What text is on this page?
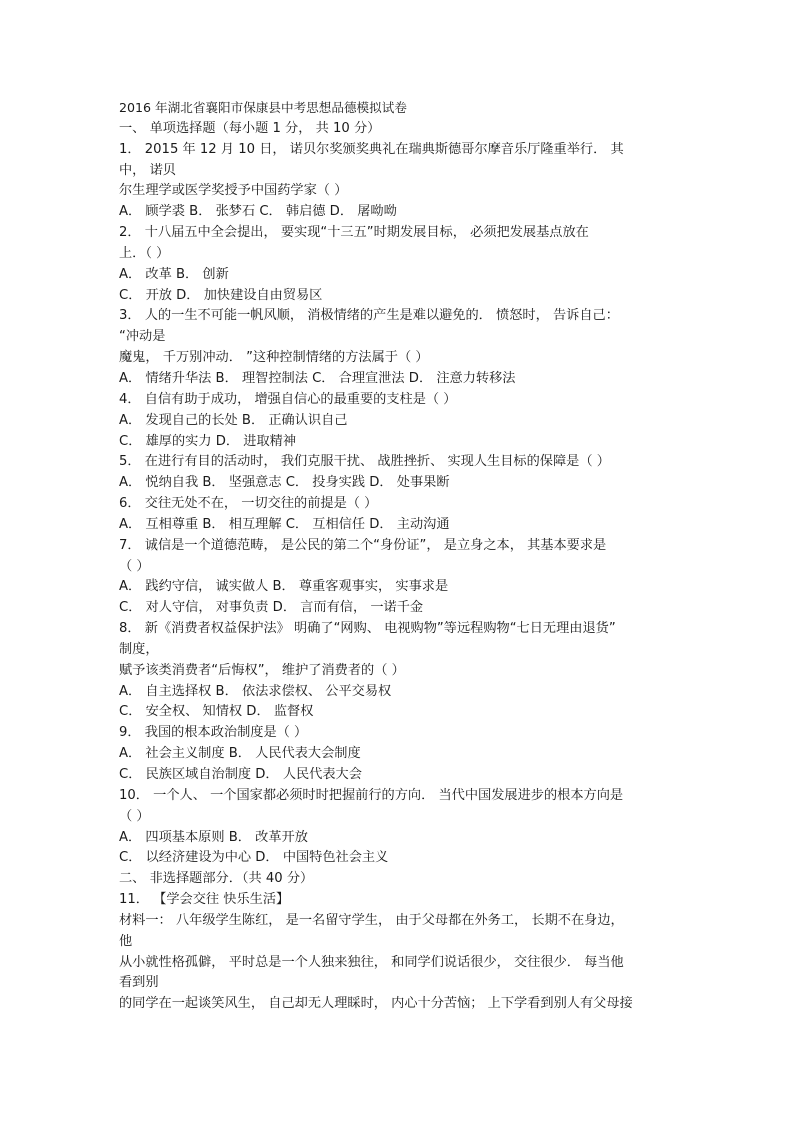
2016 年湖北省襄阳市保康县中考思想品德模拟试卷
一、 单项选择题（每小题 1 分， 共 10 分）
1． 2015 年 12 月 10 日， 诺贝尔奖颁奖典礼在瑞典斯德哥尔摩音乐厅隆重举行． 其
中， 诺贝
尔生理学或医学奖授予中国药学家（ ）
A． 顾学裘 B． 张梦石 C． 韩启德 D． 屠呦呦
2． 十八届五中全会提出， 要实现“十三五”时期发展目标， 必须把发展基点放在
上．（ ）
A． 改革 B． 创新
C． 开放 D． 加快建设自由贸易区
3． 人的一生不可能一帆风顺， 消极情绪的产生是难以避免的． 愤怒时， 告诉自己：
“冲动是
魔鬼， 千万别冲动． ”这种控制情绪的方法属于（ ）
A． 情绪升华法 B． 理智控制法 C． 合理宣泄法 D． 注意力转移法
4． 自信有助于成功， 增强自信心的最重要的支柱是（ ）
A． 发现自己的长处 B． 正确认识自己
C． 雄厚的实力 D． 进取精神
5． 在进行有目的活动时， 我们克服干扰、 战胜挫折、 实现人生目标的保障是（ ）
A． 悦纳自我 B． 坚强意志 C． 投身实践 D． 处事果断
6． 交往无处不在， 一切交往的前提是（ ）
A． 互相尊重 B． 相互理解 C． 互相信任 D． 主动沟通
7． 诚信是一个道德范畴， 是公民的第二个“身份证”， 是立身之本， 其基本要求是
（ ）
A． 践约守信， 诚实做人 B． 尊重客观事实， 实事求是
C． 对人守信， 对事负责 D． 言而有信， 一诺千金
8． 新《消费者权益保护法》 明确了“网购、 电视购物”等远程购物“七日无理由退货”
制度，
赋予该类消费者“后悔权”， 维护了消费者的（ ）
A． 自主选择权 B． 依法求偿权、 公平交易权
C． 安全权、 知情权 D． 监督权
9． 我国的根本政治制度是（ ）
A． 社会主义制度 B． 人民代表大会制度
C． 民族区域自治制度 D． 人民代表大会
10． 一个人、 一个国家都必须时时把握前行的方向． 当代中国发展进步的根本方向是
（ ）
A． 四项基本原则 B． 改革开放
C． 以经济建设为中心 D． 中国特色社会主义
二、 非选择题部分．（共 40 分）
11． 【学会交往 快乐生活】
材料一： 八年级学生陈红， 是一名留守学生， 由于父母都在外务工， 长期不在身边，
他
从小就性格孤僻， 平时总是一个人独来独往， 和同学们说话很少， 交往很少． 每当他
看到别
的同学在一起谈笑风生， 自己却无人理睬时， 内心十分苦恼； 上下学看到别人有父母接
